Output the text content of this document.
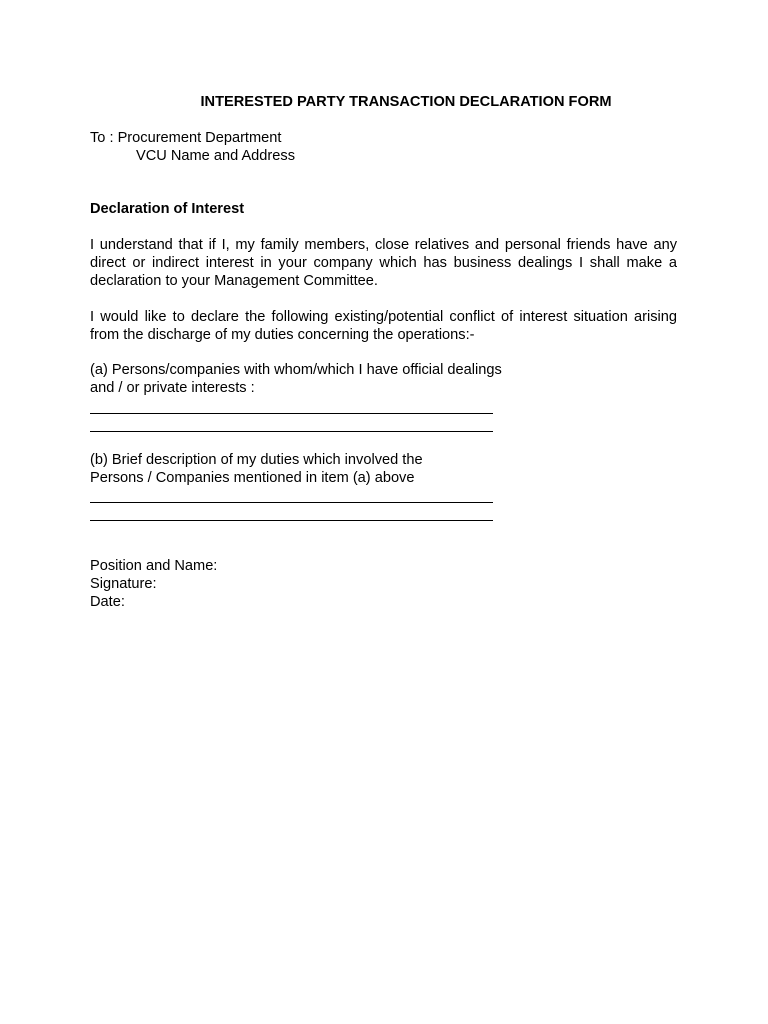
INTERESTED PARTY TRANSACTION DECLARATION FORM
To : Procurement Department
VCU Name and Address
Declaration of Interest
I understand that if I, my family members, close relatives and personal friends have any direct or indirect interest in your company which has business dealings I shall make a declaration to your Management Committee.
I would like to declare the following existing/potential conflict of interest situation arising from the discharge of my duties concerning the operations:-
(a) Persons/companies with whom/which I have official dealings
and / or private interests :
(b) Brief description of my duties which involved the
Persons / Companies mentioned in item (a) above
Position and Name:
Signature:
Date:
